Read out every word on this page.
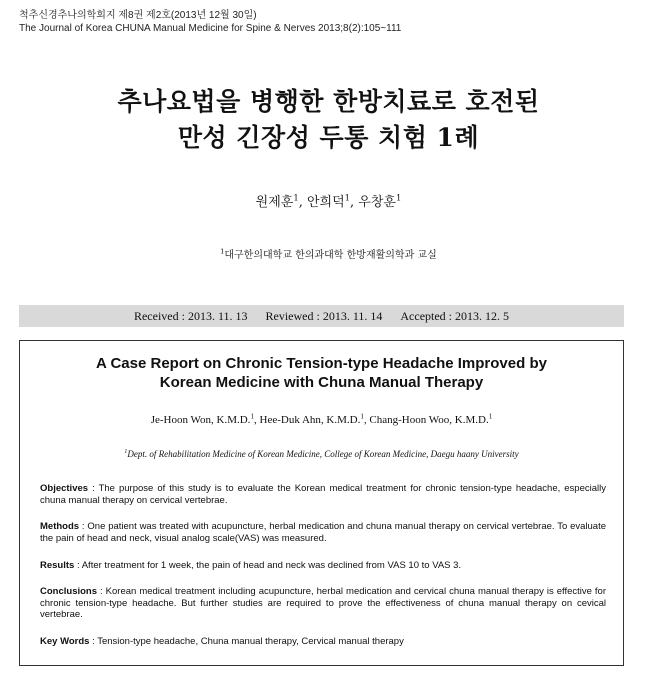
척추신경추나의학회지 제8권 제2호(2013년 12월 30일)
The Journal of Korea CHUNA Manual Medicine for Spine & Nerves 2013;8(2):105~111
추나요법을 병행한 한방치료로 호전된
만성 긴장성 두통 치험 1례
원제훈$^1$, 안희덕$^1$, 우창훈$^1$
$^1$대구한의대학교 한의과대학 한방재활의학과 교실
Received : 2013. 11. 13 Reviewed : 2013. 11. 14 Accepted : 2013. 12. 5
A Case Report on Chronic Tension-type Headache Improved by
Korean Medicine with Chuna Manual Therapy
Je-Hoon Won, K.M.D.$^1$, Hee-Duk Ahn, K.M.D.$^1$, Chang-Hoon Woo, K.M.D.$^1$
$^1$Dept. of Rehabilitation Medicine of Korean Medicine, College of Korean Medicine, Daegu haany University
Objectives : The purpose of this study is to evaluate the Korean medical treatment for chronic tension-type headache, especially chuna manual therapy on cervical vertebrae.
Methods : One patient was treated with acupuncture, herbal medication and chuna manual therapy on cervical vertebrae. To evaluate the pain of head and neck, visual analog scale(VAS) was measured.
Results : After treatment for 1 week, the pain of head and neck was declined from VAS 10 to VAS 3.
Conclusions : Korean medical treatment including acupuncture, herbal medication and cervical chuna manual therapy is effective for chronic tension-type headache. But further studies are required to prove the effectiveness of chuna manual therapy on cevical vertebrae.
Key Words : Tension-type headache, Chuna manual therapy, Cervical manual therapy
